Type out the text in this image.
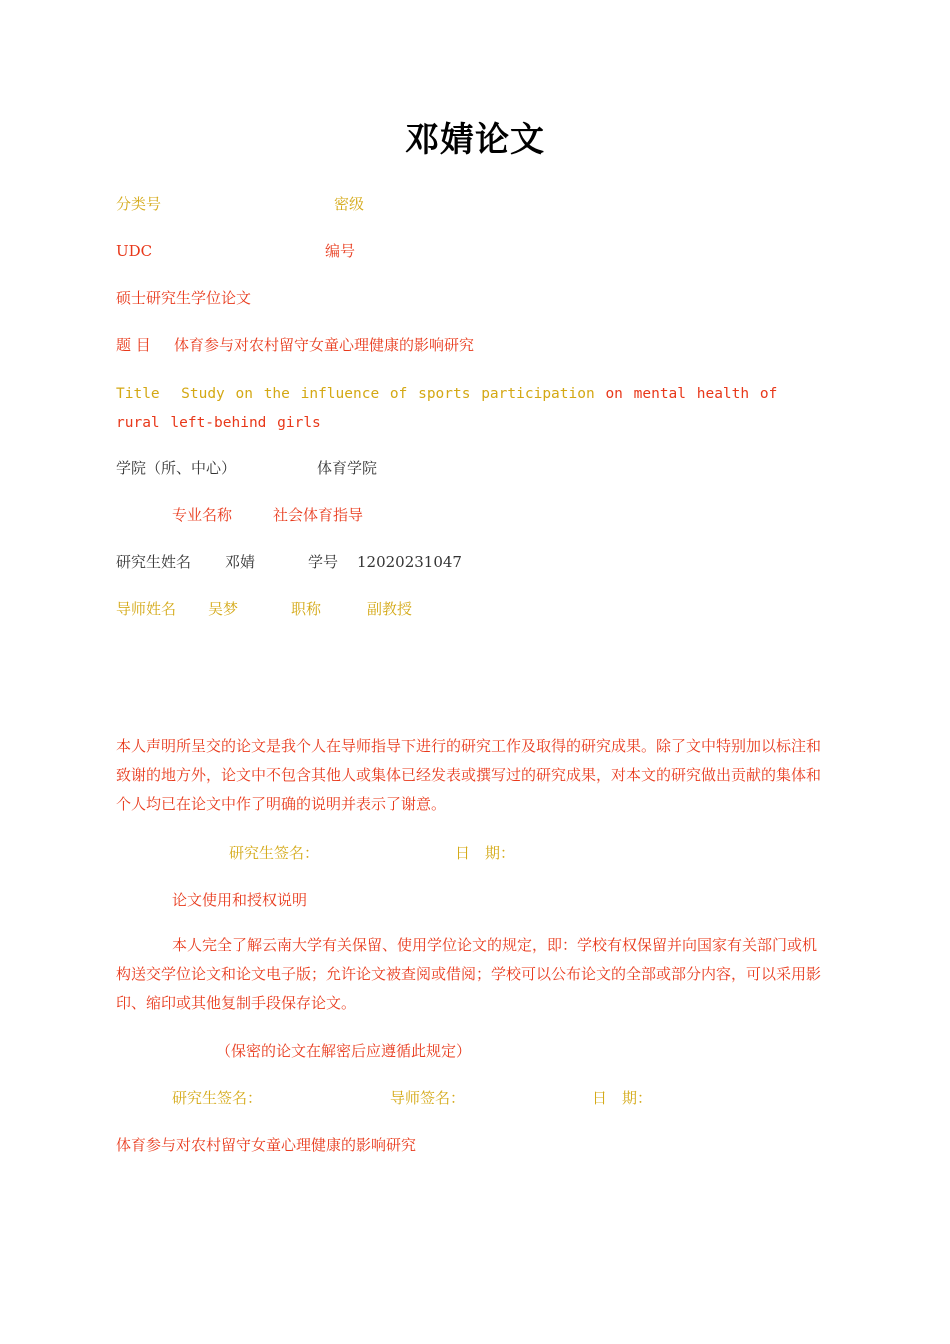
邓婧论文
分类号	密级
UDC	编号
硕士研究生学位论文
题 目 体育参与对农村留守女童心理健康的影响研究
Title Study on the influence of sports participation on mental health of rural left-behind girls
学院（所、中心）	体育学院
专业名称	社会体育指导
研究生姓名 邓婧	学号 12020231047
导师姓名 吴梦	职称	副教授
本人声明所呈交的论文是我个人在导师指导下进行的研究工作及取得的研究成果。除了文中特别加以标注和致谢的地方外，论文中不包含其他人或集体已经发表或撰写过的研究成果，对本文的研究做出贡献的集体和个人均已在论文中作了明确的说明并表示了谢意。
研究生签名：	日　期：
论文使用和授权说明
本人完全了解云南大学有关保留、使用学位论文的规定，即：学校有权保留并向国家有关部门或机构送交学位论文和论文电子版；允许论文被查阅或借阅；学校可以公布论文的全部或部分内容，可以采用影印、缩印或其他复制手段保存论文。
（保密的论文在解密后应遵循此规定）
研究生签名：	导师签名：	日　期：
体育参与对农村留守女童心理健康的影响研究
